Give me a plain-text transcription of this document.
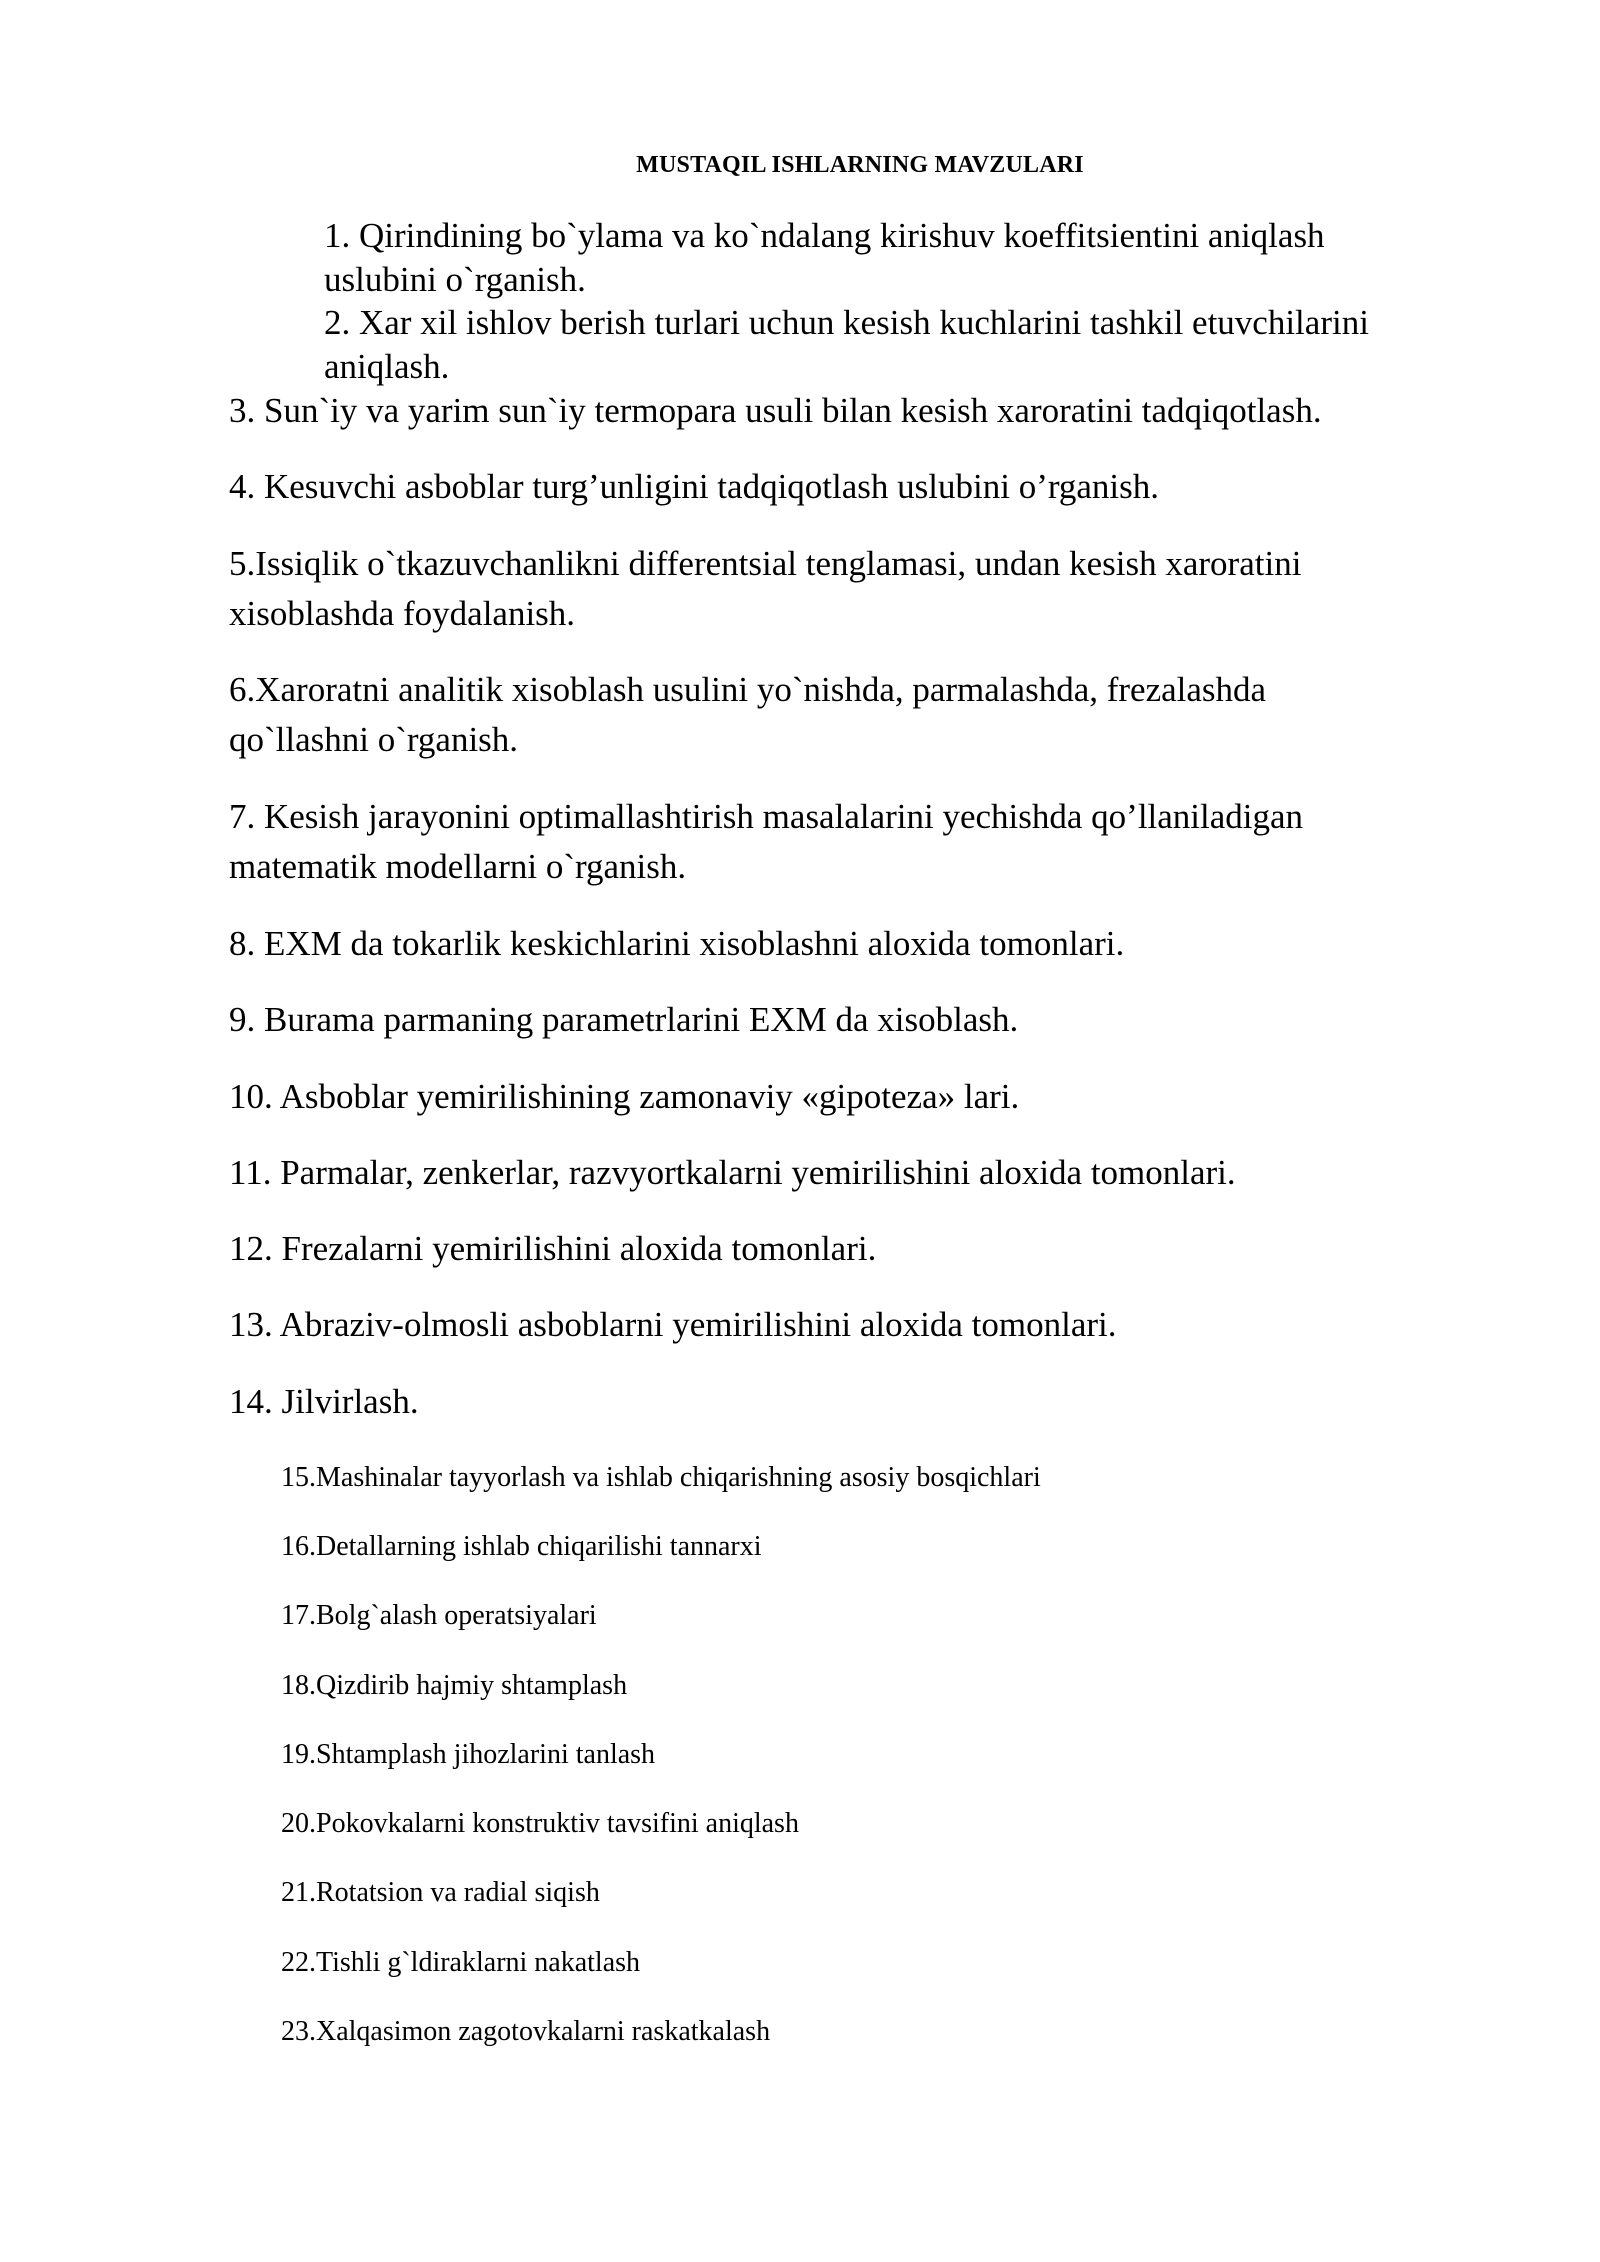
MUSTAQIL ISHLARNING MAVZULARI
1. Qirindining bo`ylama va ko`ndalang kirishuv koeffitsientini aniqlash
uslubini o`rganish.
2. Xar xil ishlov berish turlari uchun kesish kuchlarini tashkil etuvchilarini
aniqlash.
3. Sun`iy va yarim sun`iy termopara usuli bilan kesish xaroratini tadqiqotlash.
4. Kesuvchi asboblar turg’unligini tadqiqotlash uslubini o’rganish.
5.Issiqlik o`tkazuvchanlikni differentsial tenglamasi, undan kesish xaroratini
xisoblashda foydalanish.
6.Xaroratni analitik xisoblash usulini yo`nishda, parmalashda, frezalashda
qo`llashni o`rganish.
7. Kesish jarayonini optimallashtirish masalalarini yechishda qo’llaniladigan
matematik modellarni o`rganish.
8. EXM da tokarlik keskichlarini xisoblashni aloxida tomonlari.
9. Burama parmaning parametrlarini EXM da xisoblash.
10. Asboblar yemirilishining zamonaviy «gipoteza» lari.
11. Parmalar, zenkerlar, razvyortkalarni yemirilishini aloxida tomonlari.
12. Frezalarni yemirilishini aloxida tomonlari.
13. Abraziv-olmosli asboblarni yemirilishini aloxida tomonlari.
14. Jilvirlash.
15.Mashinalar tayyorlash va ishlab chiqarishning asosiy bosqichlari
16.Detallarning ishlab chiqarilishi tannarxi
17.Bolg`alash operatsiyalari
18.Qizdirib hajmiy shtamplash
19.Shtamplash jihozlarini tanlash
20.Pokovkalarni konstruktiv tavsifini aniqlash
21.Rotatsion va radial siqish
22.Tishli g`ldiraklarni nakatlash
23.Xalqasimon zagotovkalarni raskatkalash
